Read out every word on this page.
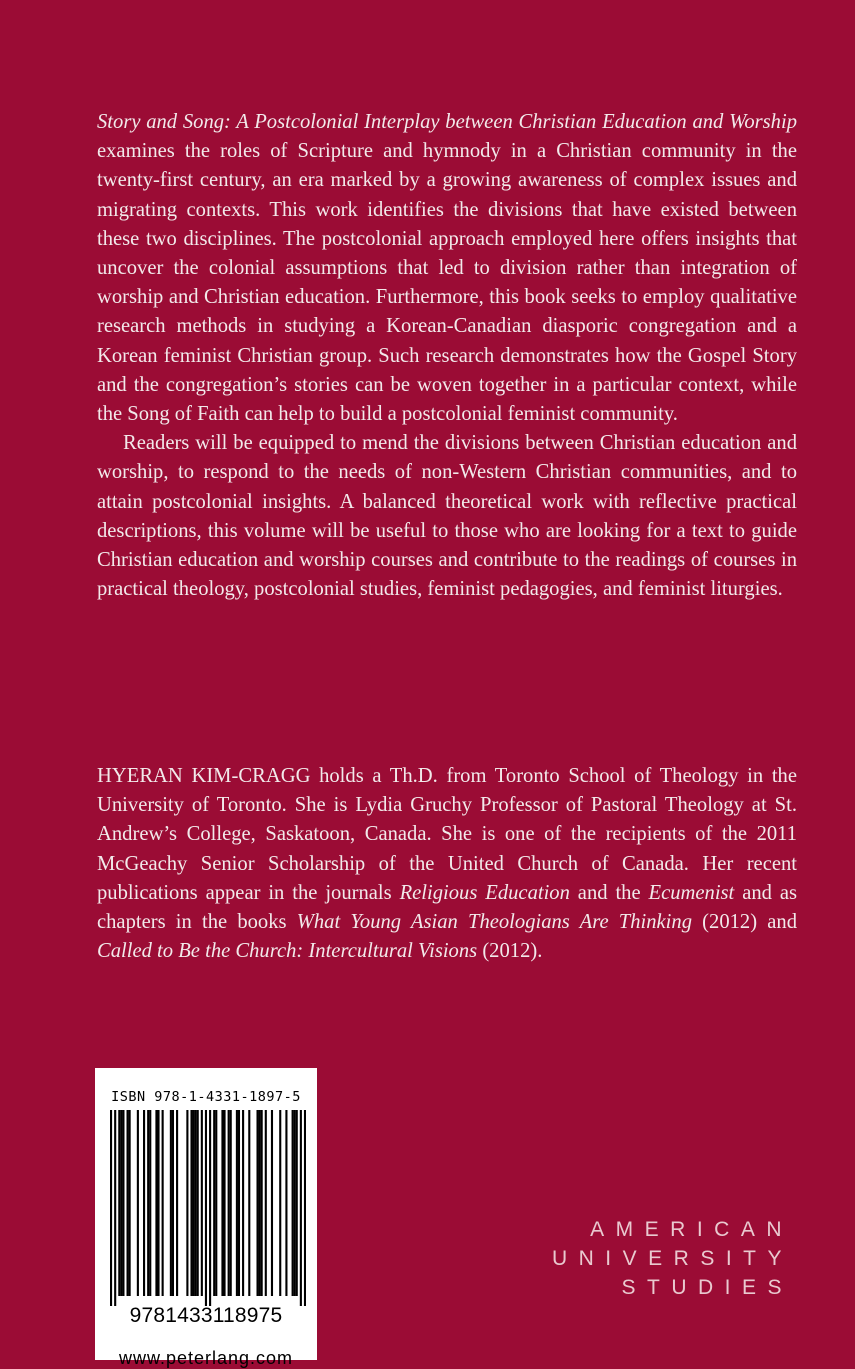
Story and Song: A Postcolonial Interplay between Christian Education and Worship examines the roles of Scripture and hymnody in a Christian community in the twenty-first century, an era marked by a growing awareness of complex issues and migrating contexts. This work identifies the divisions that have existed between these two disciplines. The postcolonial approach employed here offers insights that uncover the colonial assumptions that led to division rather than integration of worship and Christian education. Furthermore, this book seeks to employ qualitative research methods in studying a Korean-Canadian diasporic congregation and a Korean feminist Christian group. Such research demonstrates how the Gospel Story and the congregation’s stories can be woven together in a particular context, while the Song of Faith can help to build a postcolonial feminist community.

Readers will be equipped to mend the divisions between Christian education and worship, to respond to the needs of non-Western Christian communities, and to attain postcolonial insights. A balanced theoretical work with reflective practical descriptions, this volume will be useful to those who are looking for a text to guide Christian education and worship courses and contribute to the readings of courses in practical theology, postcolonial studies, feminist pedagogies, and feminist liturgies.

HYERAN KIM-CRAGG holds a Th.D. from Toronto School of Theology in the University of Toronto. She is Lydia Gruchy Professor of Pastoral Theology at St. Andrew’s College, Saskatoon, Canada. She is one of the recipients of the 2011 McGeachy Senior Scholarship of the United Church of Canada. Her recent publications appear in the journals Religious Education and the Ecumenist and as chapters in the books What Young Asian Theologians Are Thinking (2012) and Called to Be the Church: Intercultural Visions (2012).

ISBN 978-1-4331-1897-5
9781433118975
www.peterlang.com
AMERICAN
UNIVERSITY
STUDIES
